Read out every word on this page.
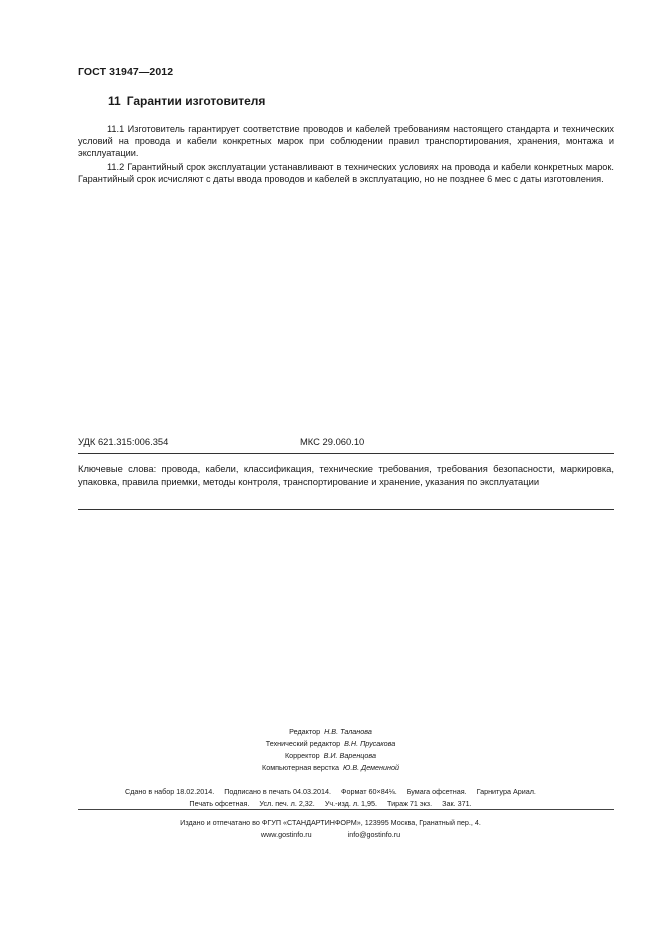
ГОСТ 31947—2012
11 Гарантии изготовителя

11.1 Изготовитель гарантирует соответствие проводов и кабелей требованиям настоящего стандарта и технических условий на провода и кабели конкретных марок при соблюдении правил транспортирования, хранения, монтажа и эксплуатации.

11.2 Гарантийный срок эксплуатации устанавливают в технических условиях на провода и кабели конкретных марок. Гарантийный срок исчисляют с даты ввода проводов и кабелей в эксплуатацию, но не позднее 6 мес с даты изготовления.

УДК 621.315:006.354	МКС 29.060.10
Ключевые слова: провода, кабели, классификация, технические требования, требования безопасности, маркировка, упаковка, правила приемки, методы контроля, транспортирование и хранение, указания по эксплуатации
Редактор Н.В. Таланова
Технический редактор В.Н. Прусакова
Корректор В.И. Варенцова
Компьютерная верстка Ю.В. Демениной
Сдано в набор 18.02.2014. Подписано в печать 04.03.2014. Формат 60×84⅛. Бумага офсетная. Гарнитура Ариал.
Печать офсетная. Усл. печ. л. 2,32. Уч.-изд. л. 1,95. Тираж 71 экз. Зак. 371.
Издано и отпечатано во ФГУП «СТАНДАРТИНФОРМ», 123995 Москва, Гранатный пер., 4.
www.gostinfo.ru	info@gostinfo.ru
